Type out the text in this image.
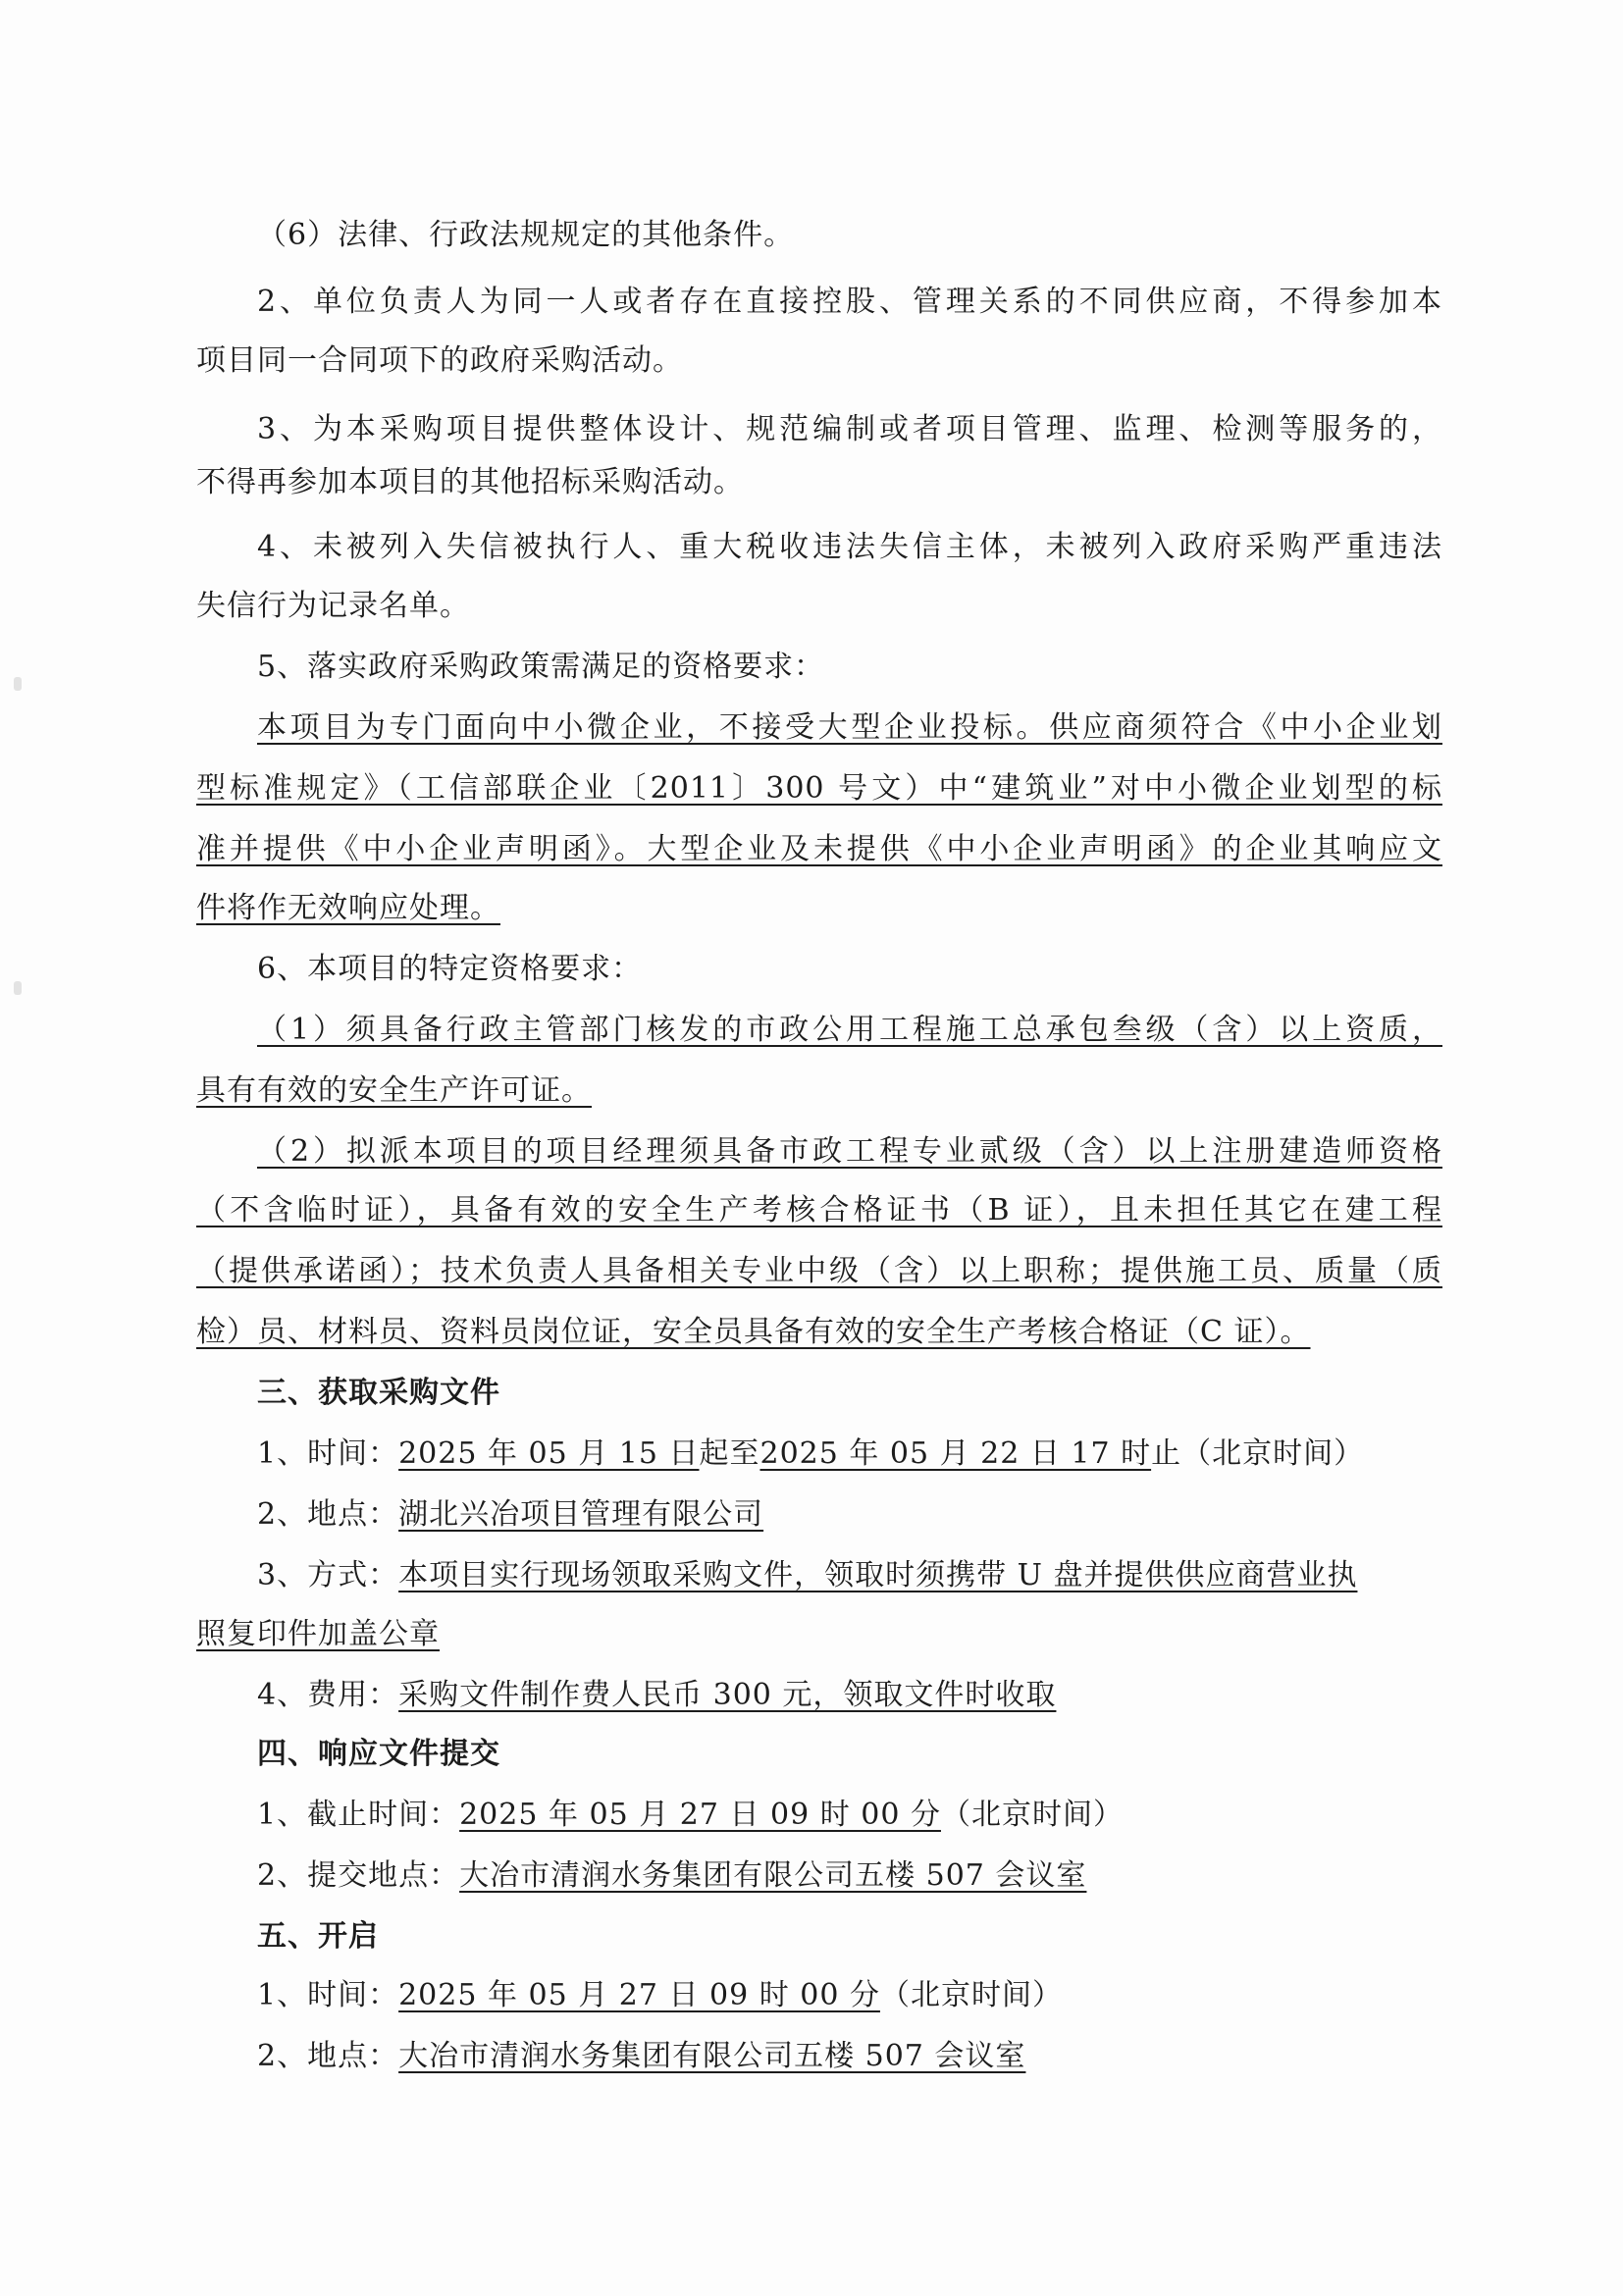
（6）法律、行政法规规定的其他条件。
2、单位负责人为同一人或者存在直接控股、管理关系的不同供应商，不得参加本
项目同一合同项下的政府采购活动。
3、为本采购项目提供整体设计、规范编制或者项目管理、监理、检测等服务的，
不得再参加本项目的其他招标采购活动。
4、未被列入失信被执行人、重大税收违法失信主体，未被列入政府采购严重违法
失信行为记录名单。
5、落实政府采购政策需满足的资格要求：
本项目为专门面向中小微企业，不接受大型企业投标。供应商须符合《中小企业划
型标准规定》（工信部联企业〔2011〕300 号文）中“建筑业”对中小微企业划型的标
准并提供《中小企业声明函》。大型企业及未提供《中小企业声明函》的企业其响应文
件将作无效响应处理。
6、本项目的特定资格要求：
（1）须具备行政主管部门核发的市政公用工程施工总承包叁级（含）以上资质，
具有有效的安全生产许可证。
（2）拟派本项目的项目经理须具备市政工程专业贰级（含）以上注册建造师资格
（不含临时证），具备有效的安全生产考核合格证书（B 证），且未担任其它在建工程
（提供承诺函）；技术负责人具备相关专业中级（含）以上职称；提供施工员、质量（质
检）员、材料员、资料员岗位证，安全员具备有效的安全生产考核合格证（C 证）。
三、获取采购文件
1、时间：2025 年 05 月 15 日起至2025 年 05 月 22 日 17 时止（北京时间）
2、地点：湖北兴冶项目管理有限公司
3、方式：本项目实行现场领取采购文件，领取时须携带 U 盘并提供供应商营业执
照复印件加盖公章
4、费用：采购文件制作费人民币 300 元，领取文件时收取
四、响应文件提交
1、截止时间：2025 年 05 月 27 日 09 时 00 分（北京时间）
2、提交地点：大冶市清润水务集团有限公司五楼 507 会议室
五、开启
1、时间：2025 年 05 月 27 日 09 时 00 分（北京时间）
2、地点：大冶市清润水务集团有限公司五楼 507 会议室
